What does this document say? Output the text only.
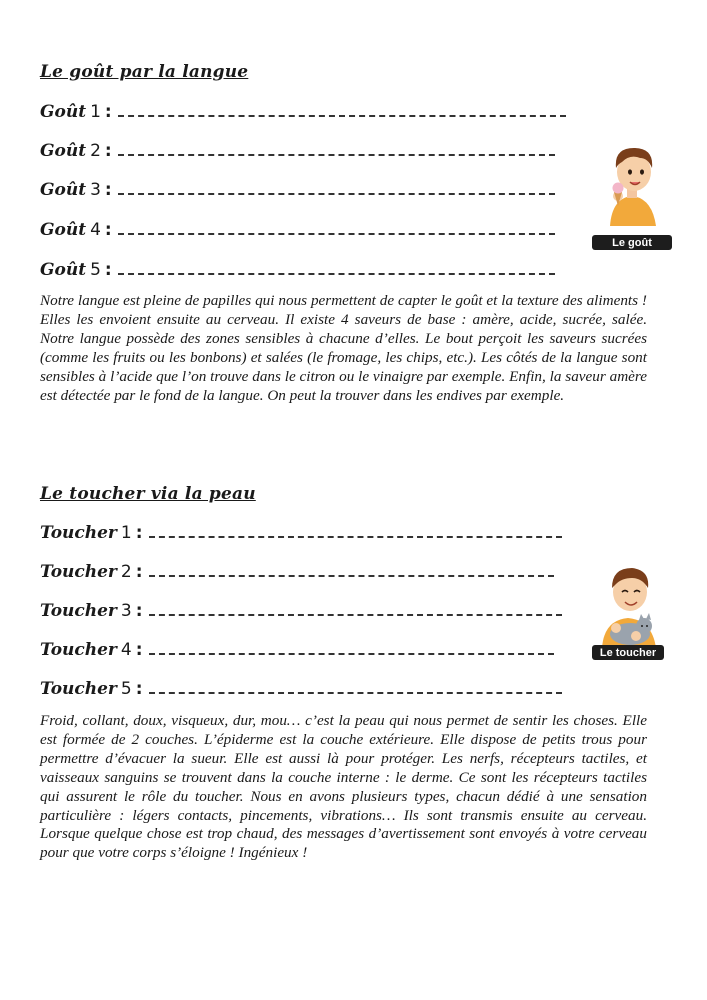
Le goût par la langue
Goût 1 :
Goût 2 :
Goût 3 :
Goût 4 :
Goût 5 :
Le goût
Notre langue est pleine de papilles qui nous permettent de capter le goût et la texture des aliments ! Elles les envoient ensuite au cerveau. Il existe 4 saveurs de base : amère, acide, sucrée, salée. Notre langue possède des zones sensibles à chacune d’elles. Le bout perçoit les saveurs sucrées (comme les fruits ou les bonbons) et salées (le fromage, les chips, etc.). Les côtés de la langue sont sensibles à l’acide que l’on trouve dans le citron ou le vinaigre par exemple. Enfin, la saveur amère est détectée par le fond de la langue. On peut la trouver dans les endives par exemple.
Le toucher via la peau
Toucher 1 :
Toucher 2 :
Toucher 3 :
Toucher 4 :
Toucher 5 :
Le toucher
Froid, collant, doux, visqueux, dur, mou… c’est la peau qui nous permet de sentir les choses. Elle est formée de 2 couches. L’épiderme est la couche extérieure. Elle dispose de petits trous pour permettre d’évacuer la sueur. Elle est aussi là pour protéger. Les nerfs, récepteurs tactiles, et vaisseaux sanguins se trouvent dans la couche interne : le derme. Ce sont les récepteurs tactiles qui assurent le rôle du toucher. Nous en avons plusieurs types, chacun dédié à une sensation particulière : légers contacts, pincements, vibrations… Ils sont transmis ensuite au cerveau. Lorsque quelque chose est trop chaud, des messages d’avertissement sont envoyés à votre cerveau pour que votre corps s’éloigne ! Ingénieux !
